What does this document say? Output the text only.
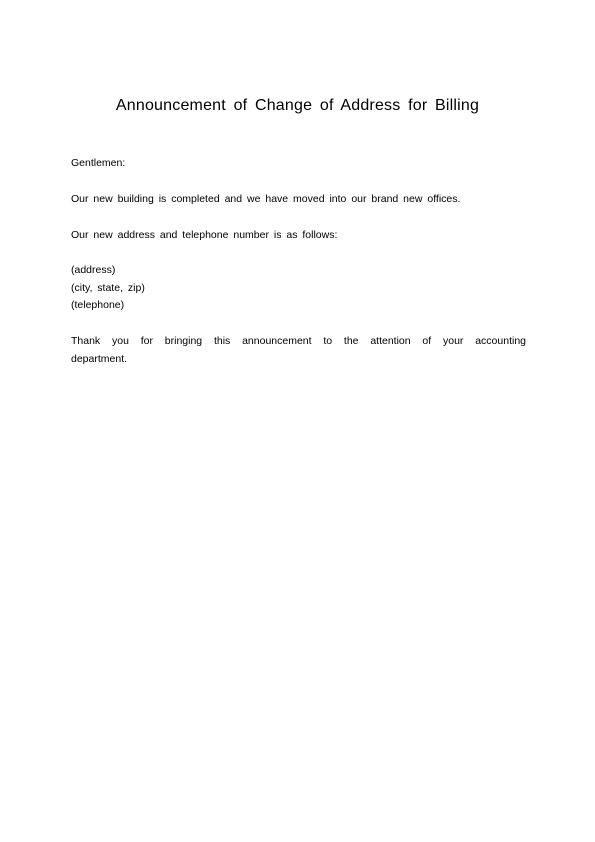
Announcement of Change of Address for Billing

Gentlemen:

Our new building is completed and we have moved into our brand new offices.

Our new address and telephone number is as follows:

(address)
(city, state, zip)
(telephone)

Thank you for bringing this announcement to the attention of your accounting department.
